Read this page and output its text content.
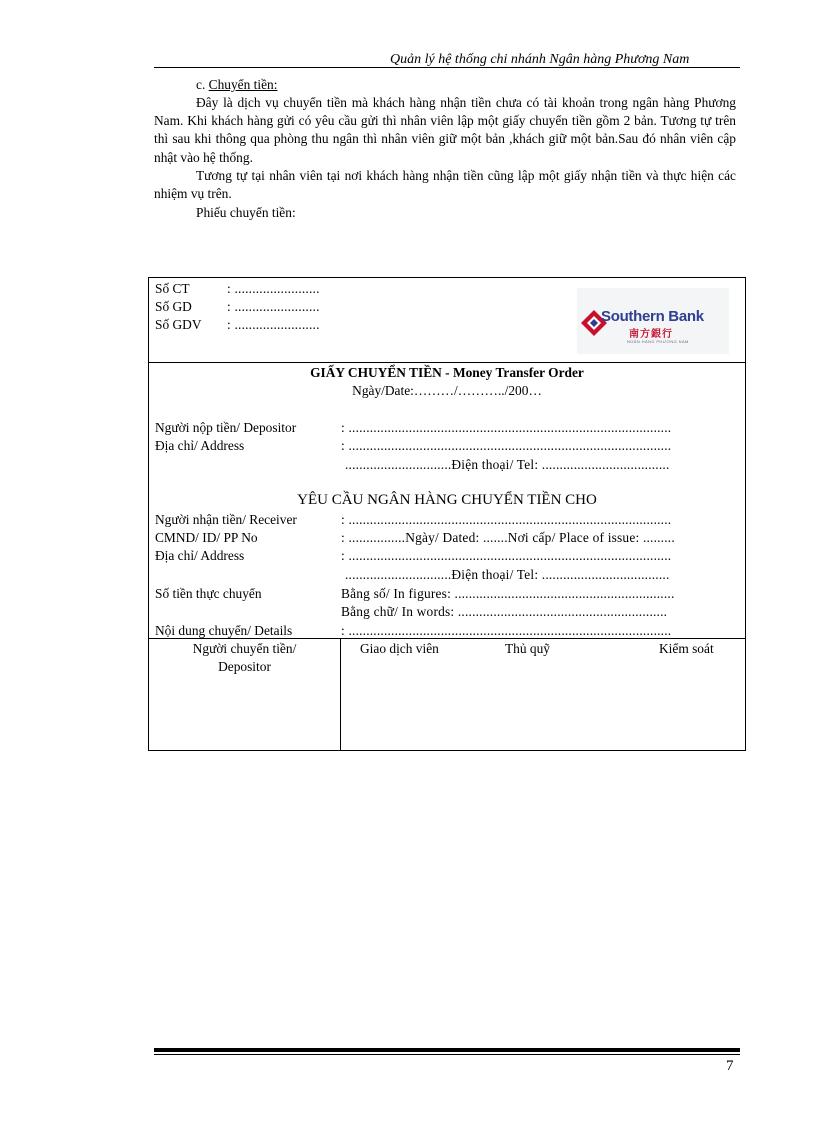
Quản lý hệ thống chi nhánh Ngân hàng Phương Nam
c. Chuyển tiền:
Đây là dịch vụ chuyển tiền mà khách hàng nhận tiền chưa có tài khoản trong ngân hàng Phương Nam. Khi khách hàng gửi có yêu cầu gửi thì nhân viên lập một giấy chuyển tiền gồm 2 bản. Tương tự trên thì sau khi thông qua phòng thu ngân thì nhân viên giữ một bản ,khách giữ một bản.Sau đó nhân viên cập nhật vào hệ thống.
Tương tự tại nhân viên tại nơi khách hàng nhận tiền cũng lập một giấy nhận tiền và thực hiện các nhiệm vụ trên.
Phiếu chuyển tiền:
Số CT	: ........................
Số GD	: ........................
Số GDV : ........................	Southern Bank
南方銀行
NGÂN HÀNG PHƯƠNG NAM
GIẤY CHUYỂN TIỀN - Money Transfer Order
Ngày/Date:………/………../200…
Người nộp tiền/ Depositor	: ...........................................................................................
Địa chỉ/ Address	: ...........................................................................................
..............................Điện thoại/ Tel: ....................................
YÊU CẦU NGÂN HÀNG CHUYỂN TIỀN CHO
Người nhận tiền/ Receiver	: ...........................................................................................
CMND/ ID/ PP No	: ................Ngày/ Dated: .......Nơi cấp/ Place of issue: .........
Địa chỉ/ Address	: ...........................................................................................
..............................Điện thoại/ Tel: ....................................
Số tiền thực chuyển	Bằng số/ In figures: ..............................................................
Bằng chữ/ In words: ...........................................................
Nội dung chuyển/ Details	: ...........................................................................................
Người chuyển tiền/
Depositor
Giao dịch viên	Thủ quỹ	Kiểm soát
7
